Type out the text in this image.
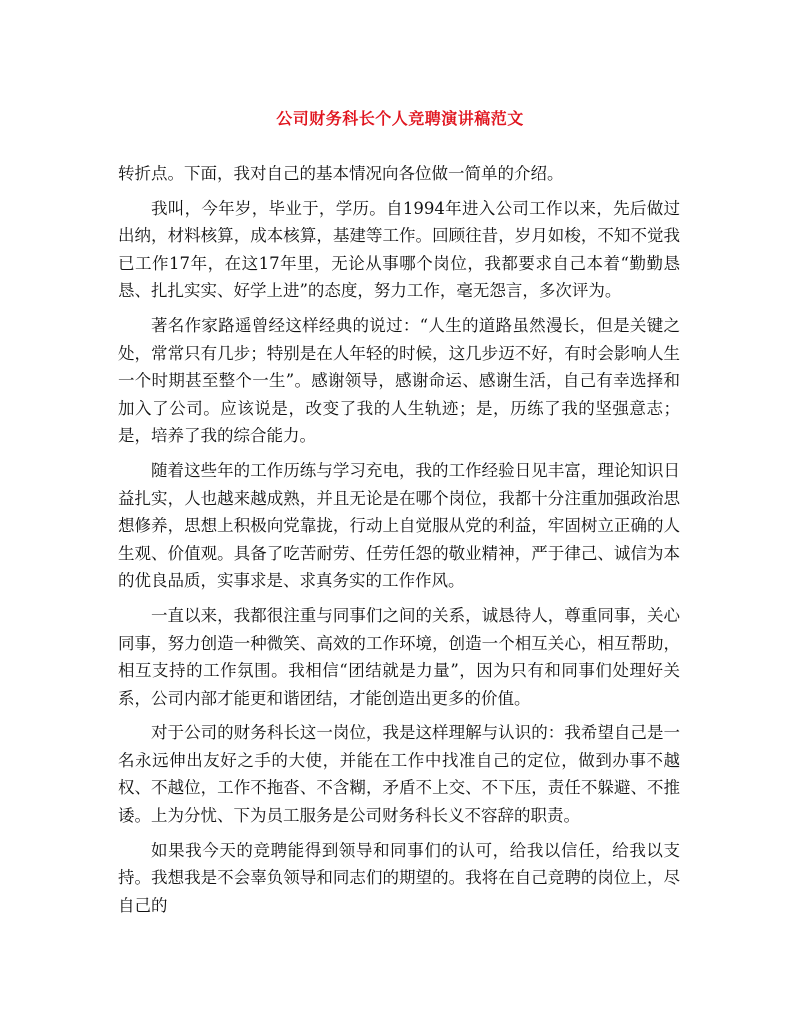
公司财务科长个人竞聘演讲稿范文

转折点。下面，我对自己的基本情况向各位做一简单的介绍。

我叫，今年岁，毕业于，学历。自1994年进入公司工作以来，先后做过出纳，材料核算，成本核算，基建等工作。回顾往昔，岁月如梭，不知不觉我已工作17年，在这17年里，无论从事哪个岗位，我都要求自己本着“勤勤恳恳、扎扎实实、好学上进”的态度，努力工作，毫无怨言，多次评为。

著名作家路遥曾经这样经典的说过：“人生的道路虽然漫长，但是关键之处，常常只有几步；特别是在人年轻的时候，这几步迈不好，有时会影响人生一个时期甚至整个一生”。感谢领导，感谢命运、感谢生活，自己有幸选择和加入了公司。应该说是，改变了我的人生轨迹；是，历练了我的坚强意志；是，培养了我的综合能力。

随着这些年的工作历练与学习充电，我的工作经验日见丰富，理论知识日益扎实，人也越来越成熟，并且无论是在哪个岗位，我都十分注重加强政治思想修养，思想上积极向党靠拢，行动上自觉服从党的利益，牢固树立正确的人生观、价值观。具备了吃苦耐劳、任劳任怨的敬业精神，严于律己、诚信为本的优良品质，实事求是、求真务实的工作作风。

一直以来，我都很注重与同事们之间的关系，诚恳待人，尊重同事，关心同事，努力创造一种微笑、高效的工作环境，创造一个相互关心，相互帮助，相互支持的工作氛围。我相信“团结就是力量”，因为只有和同事们处理好关系，公司内部才能更和谐团结，才能创造出更多的价值。

对于公司的财务科长这一岗位，我是这样理解与认识的：我希望自己是一名永远伸出友好之手的大使，并能在工作中找准自己的定位，做到办事不越权、不越位，工作不拖沓、不含糊，矛盾不上交、不下压，责任不躲避、不推诿。上为分忧、下为员工服务是公司财务科长义不容辞的职责。

如果我今天的竞聘能得到领导和同事们的认可，给我以信任，给我以支持。我想我是不会辜负领导和同志们的期望的。我将在自己竞聘的岗位上，尽自己的
